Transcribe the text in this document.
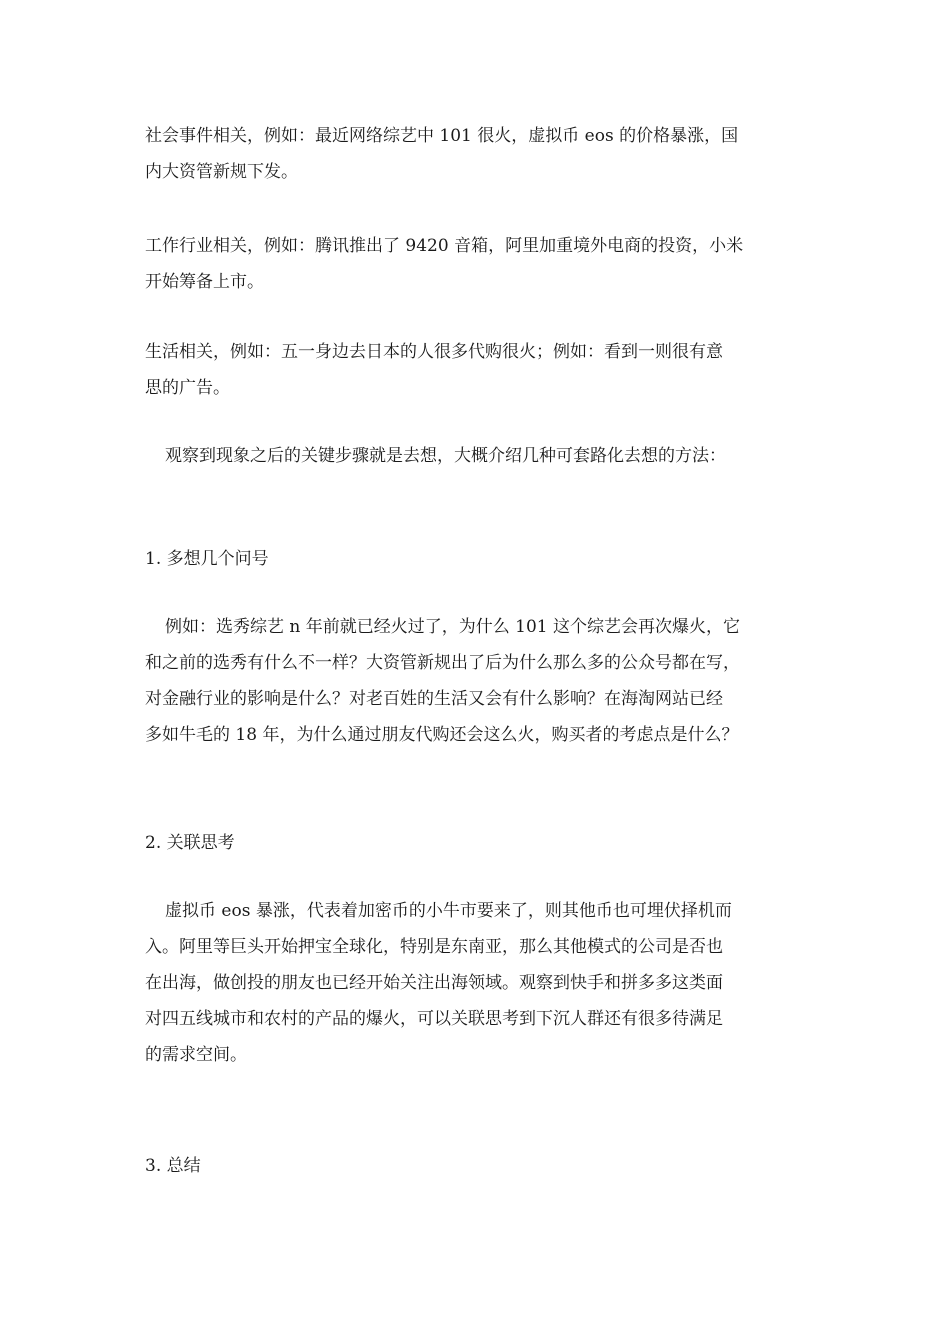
社会事件相关，例如：最近网络综艺中 101 很火，虚拟币 eos 的价格暴涨，国
内大资管新规下发。
工作行业相关，例如：腾讯推出了 9420 音箱，阿里加重境外电商的投资，小米
开始筹备上市。
生活相关，例如：五一身边去日本的人很多代购很火；例如：看到一则很有意
思的广告。
观察到现象之后的关键步骤就是去想，大概介绍几种可套路化去想的方法：
1. 多想几个问号
例如：选秀综艺 n 年前就已经火过了，为什么 101 这个综艺会再次爆火，它
和之前的选秀有什么不一样？大资管新规出了后为什么那么多的公众号都在写，
对金融行业的影响是什么？对老百姓的生活又会有什么影响？在海淘网站已经
多如牛毛的 18 年，为什么通过朋友代购还会这么火，购买者的考虑点是什么？
2. 关联思考
虚拟币 eos 暴涨，代表着加密币的小牛市要来了，则其他币也可埋伏择机而
入。阿里等巨头开始押宝全球化，特别是东南亚，那么其他模式的公司是否也
在出海，做创投的朋友也已经开始关注出海领域。观察到快手和拼多多这类面
对四五线城市和农村的产品的爆火，可以关联思考到下沉人群还有很多待满足
的需求空间。
3. 总结
